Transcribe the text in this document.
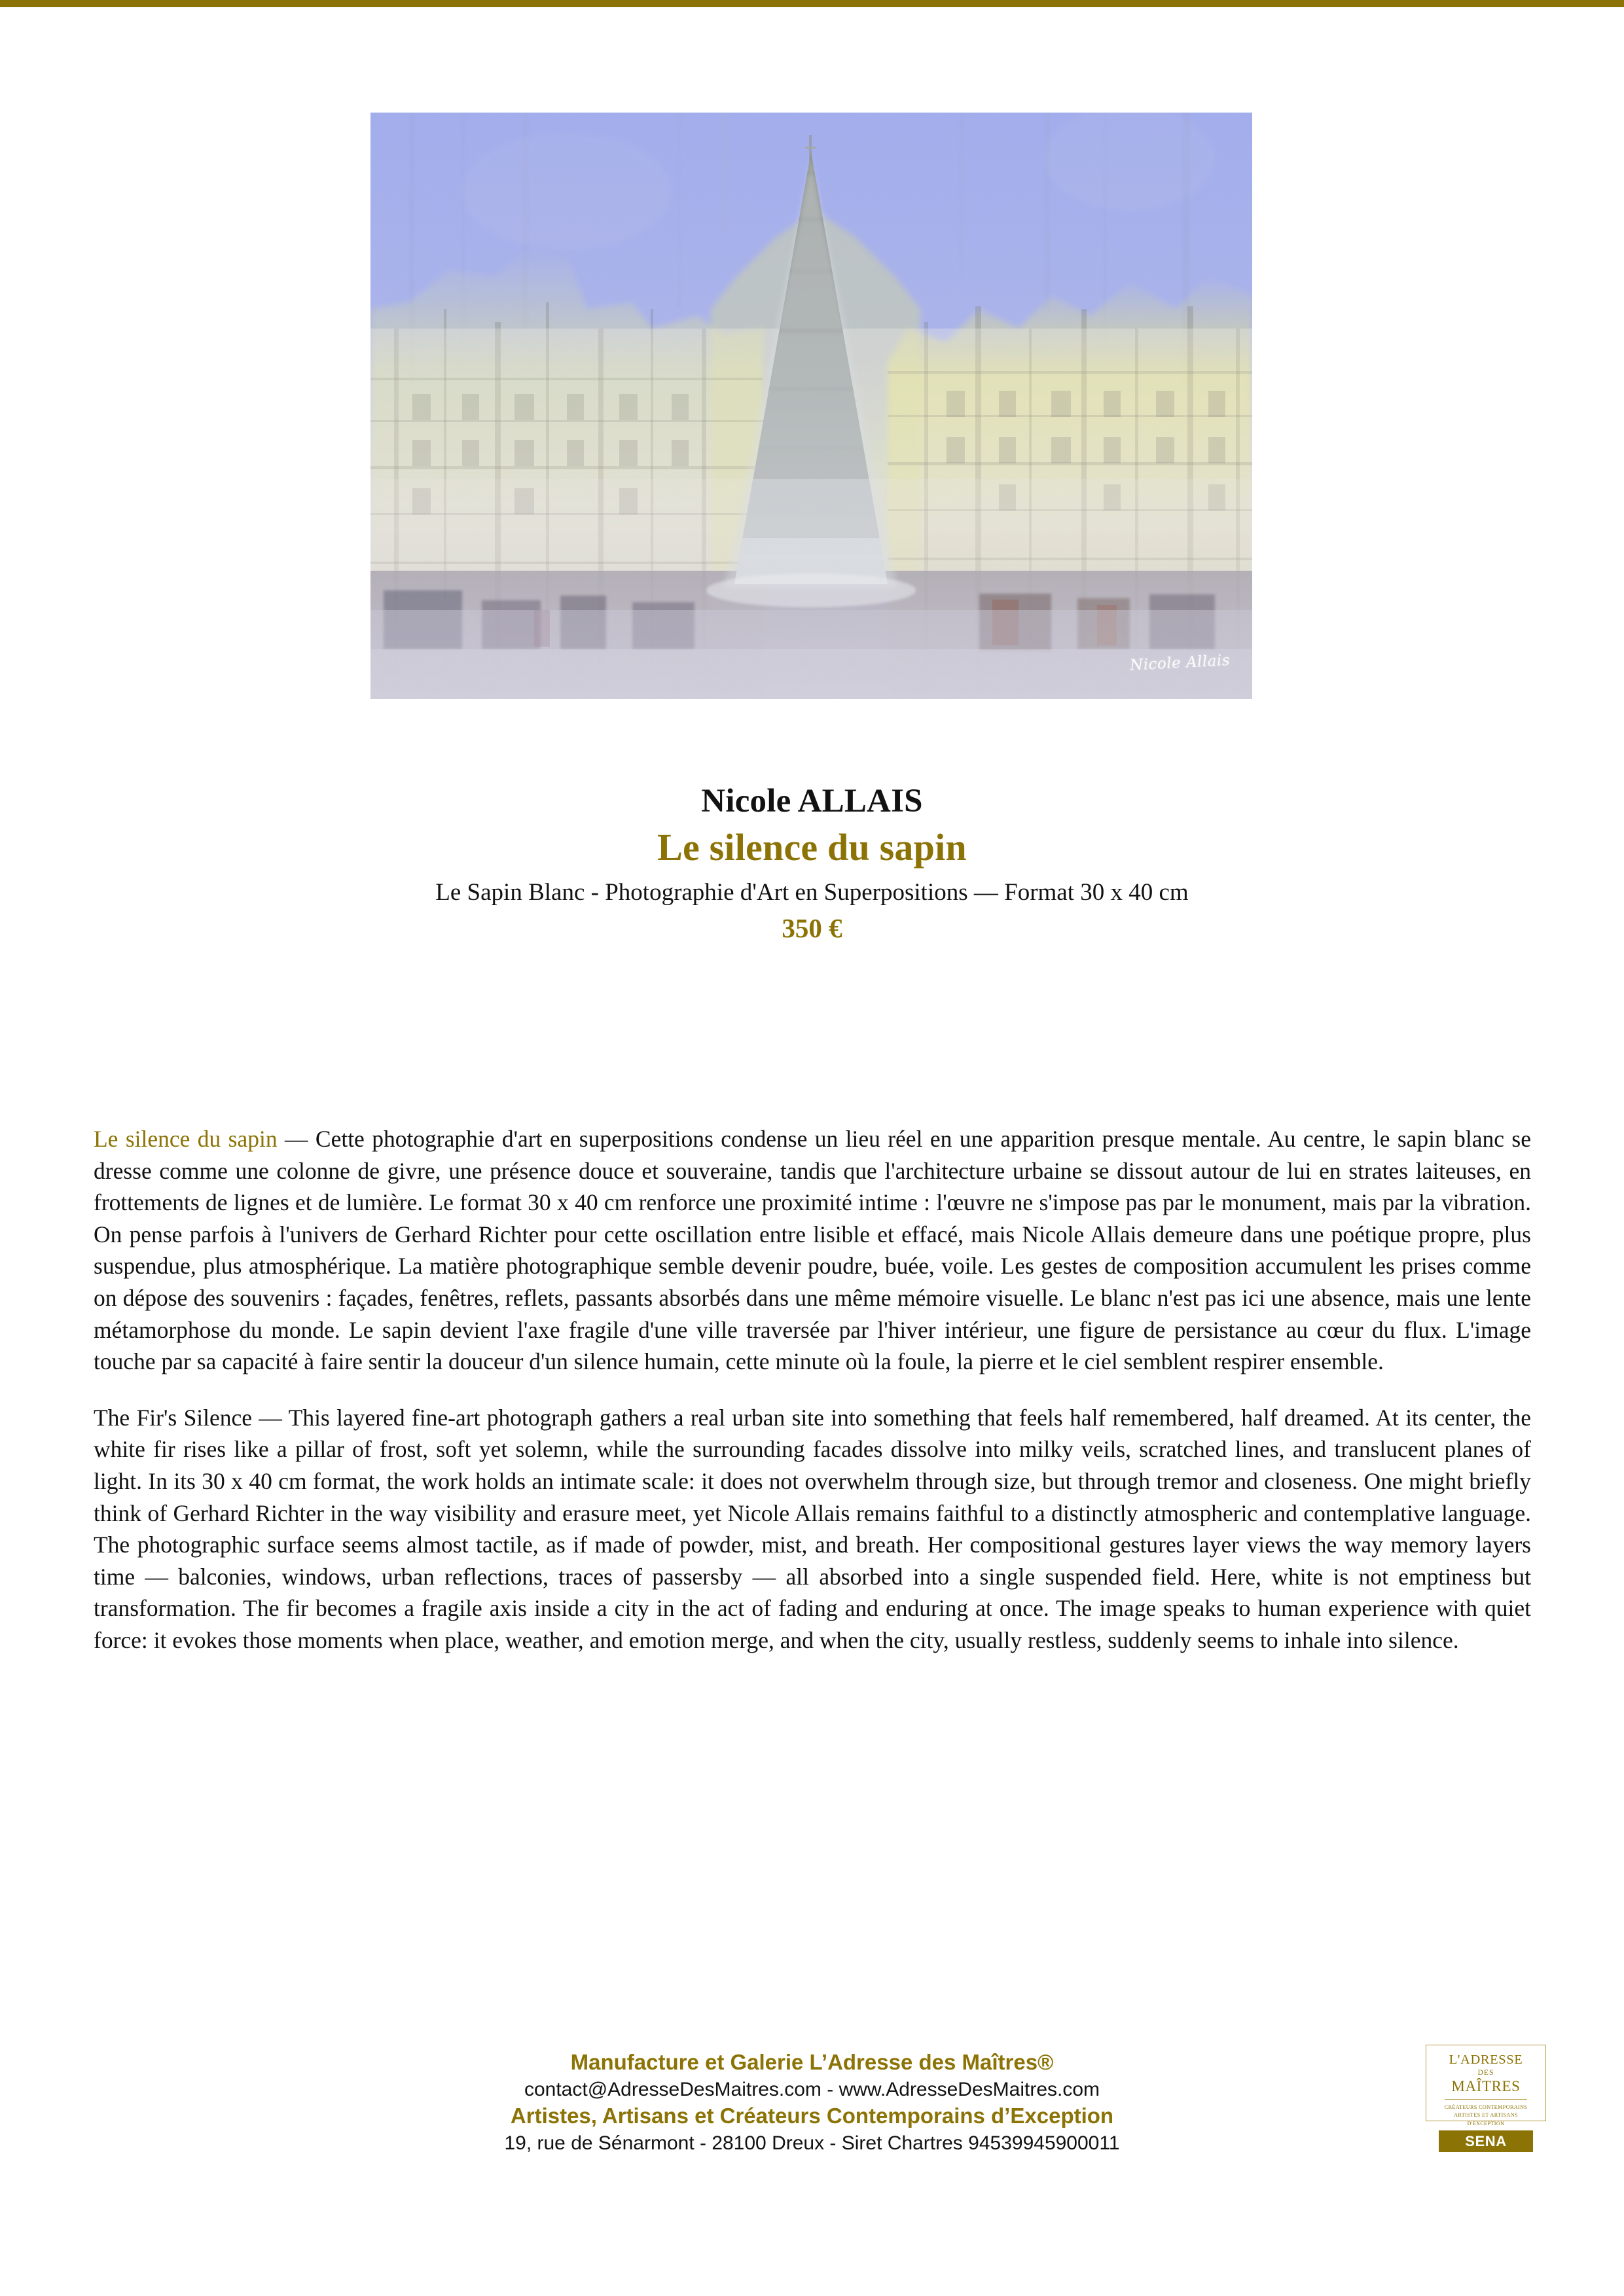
Nicole Allais
Nicole ALLAIS
Le silence du sapin
Le Sapin Blanc - Photographie d'Art en Superpositions — Format 30 x 40 cm
350 €

Le silence du sapin — Cette photographie d'art en superpositions condense un lieu réel en une apparition presque mentale. Au centre, le sapin blanc se dresse comme une colonne de givre, une présence douce et souveraine, tandis que l'architecture urbaine se dissout autour de lui en strates laiteuses, en frottements de lignes et de lumière. Le format 30 x 40 cm renforce une proximité intime : l'œuvre ne s'impose pas par le monument, mais par la vibration. On pense parfois à l'univers de Gerhard Richter pour cette oscillation entre lisible et effacé, mais Nicole Allais demeure dans une poétique propre, plus suspendue, plus atmosphérique. La matière photographique semble devenir poudre, buée, voile. Les gestes de composition accumulent les prises comme on dépose des souvenirs : façades, fenêtres, reflets, passants absorbés dans une même mémoire visuelle. Le blanc n'est pas ici une absence, mais une lente métamorphose du monde. Le sapin devient l'axe fragile d'une ville traversée par l'hiver intérieur, une figure de persistance au cœur du flux. L'image touche par sa capacité à faire sentir la douceur d'un silence humain, cette minute où la foule, la pierre et le ciel semblent respirer ensemble.

The Fir's Silence — This layered fine-art photograph gathers a real urban site into something that feels half remembered, half dreamed. At its center, the white fir rises like a pillar of frost, soft yet solemn, while the surrounding facades dissolve into milky veils, scratched lines, and translucent planes of light. In its 30 x 40 cm format, the work holds an intimate scale: it does not overwhelm through size, but through tremor and closeness. One might briefly think of Gerhard Richter in the way visibility and erasure meet, yet Nicole Allais remains faithful to a distinctly atmospheric and contemplative language. The photographic surface seems almost tactile, as if made of powder, mist, and breath. Her compositional gestures layer views the way memory layers time — balconies, windows, urban reflections, traces of passersby — all absorbed into a single suspended field. Here, white is not emptiness but transformation. The fir becomes a fragile axis inside a city in the act of fading and enduring at once. The image speaks to human experience with quiet force: it evokes those moments when place, weather, and emotion merge, and when the city, usually restless, suddenly seems to inhale into silence.

Manufacture et Galerie L’Adresse des Maîtres®
contact@AdresseDesMaitres.com - www.AdresseDesMaitres.com
Artistes, Artisans et Créateurs Contemporains d’Exception
19, rue de Sénarmont - 28100 Dreux - Siret Chartres 94539945900011
L'ADRESSE
DES
MAÎTRES
CRÉATEURS CONTEMPORAINS
ARTISTES ET ARTISANS
D'EXCEPTION
SENA
